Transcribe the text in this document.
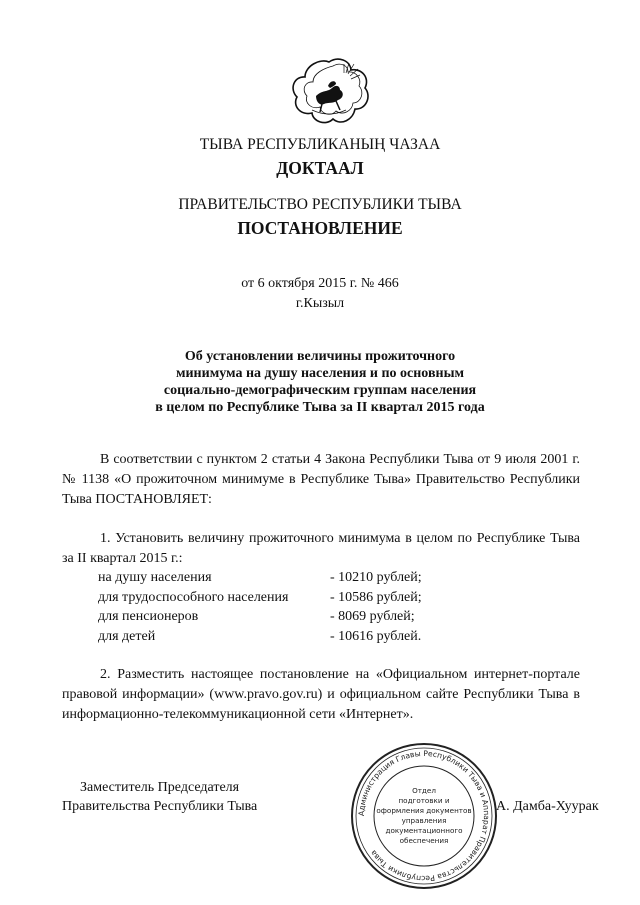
ТЫВА РЕСПУБЛИКАНЫҢ ЧАЗАА
ДОКТААЛ
ПРАВИТЕЛЬСТВО РЕСПУБЛИКИ ТЫВА
ПОСТАНОВЛЕНИЕ
от 6 октября 2015 г. № 466
г.Кызыл
Об установлении величины прожиточного
минимума на душу населения и по основным
социально-демографическим группам населения
в целом по Республике Тыва за II квартал 2015 года
В соответствии с пунктом 2 статьи 4 Закона Республики Тыва от 9 июля 2001 г. № 1138 «О прожиточном минимуме в Республике Тыва» Правительство Республики Тыва ПОСТАНОВЛЯЕТ:
1. Установить величину прожиточного минимума в целом по Республике Тыва за II квартал 2015 г.:
на душу населения	- 10210 рублей;
для трудоспособного населения	- 10586 рублей;
для пенсионеров	- 8069 рублей;
для детей	- 10616 рублей.
2. Разместить настоящее постановление на «Официальном интернет-портале правовой информации» (www.pravo.gov.ru) и официальном сайте Республики Тыва в информационно-телекоммуникационной сети «Интернет».
Заместитель Председателя
Правительства Республики Тыва	А. Дамба-Хуурак
Администрация Главы Республики Тыва и Аппарат Правительства Республики Тыва
Отдел
подготовки и
оформления документов
управления
документационного
обеспечения
